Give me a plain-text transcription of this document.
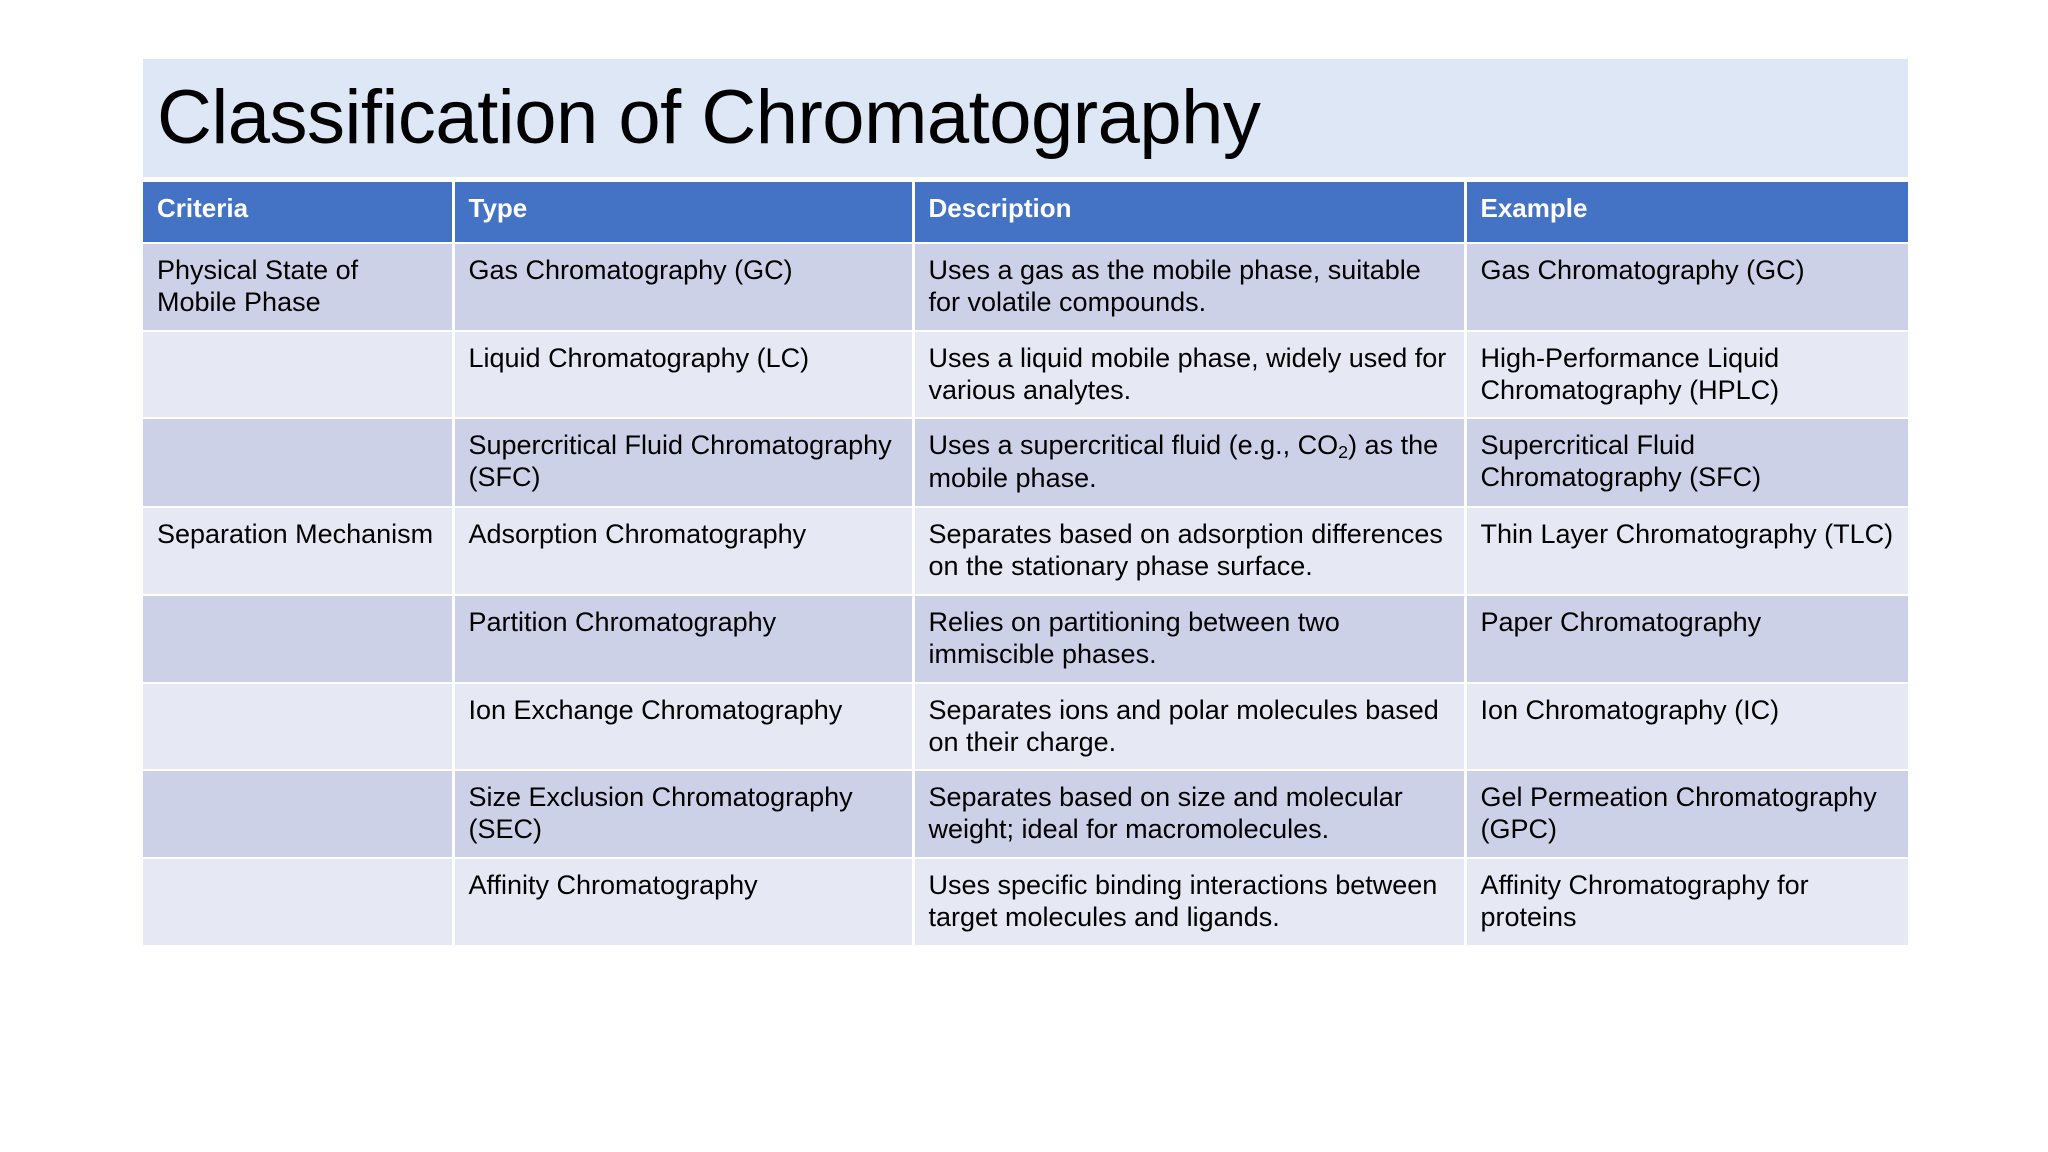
Classification of Chromatography
Criteria	Type	Description	Example
Physical State of Mobile Phase	Gas Chromatography (GC)	Uses a gas as the mobile phase, suitable for volatile compounds.	Gas Chromatography (GC)
	Liquid Chromatography (LC)	Uses a liquid mobile phase, widely used for various analytes.	High-Performance Liquid Chromatography (HPLC)
	Supercritical Fluid Chromatography (SFC)	Uses a supercritical fluid (e.g., $CO_2$) as the mobile phase.	Supercritical Fluid Chromatography (SFC)
Separation Mechanism	Adsorption Chromatography	Separates based on adsorption differences on the stationary phase surface.	Thin Layer Chromatography (TLC)
	Partition Chromatography	Relies on partitioning between two immiscible phases.	Paper Chromatography
	Ion Exchange Chromatography	Separates ions and polar molecules based on their charge.	Ion Chromatography (IC)
	Size Exclusion Chromatography (SEC)	Separates based on size and molecular weight; ideal for macromolecules.	Gel Permeation Chromatography (GPC)
	Affinity Chromatography	Uses specific binding interactions between target molecules and ligands.	Affinity Chromatography for proteins
